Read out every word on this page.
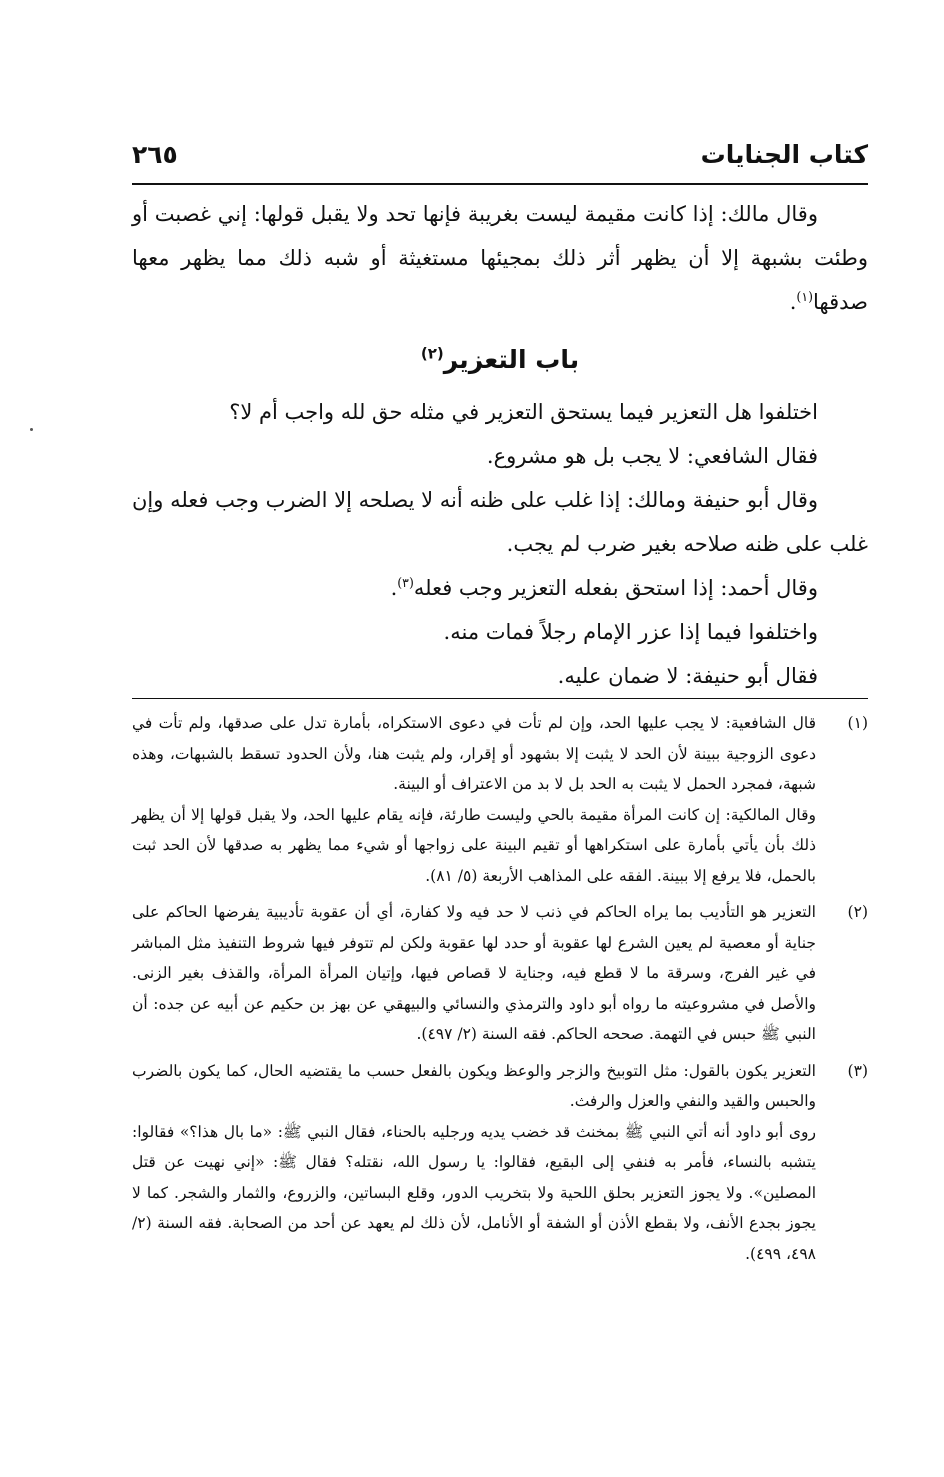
كتاب الجنايات
٢٦٥

وقال مالك: إذا كانت مقيمة ليست بغريبة فإنها تحد ولا يقبل قولها: إني غصبت أو وطئت بشبهة إلا أن يظهر أثر ذلك بمجيئها مستغيثة أو شبه ذلك مما يظهر معها صدقها$^{(١)}$.

باب التعزير$^{(٢)}$

اختلفوا هل التعزير فيما يستحق التعزير في مثله حق لله واجب أم لا؟

فقال الشافعي: لا يجب بل هو مشروع.

وقال أبو حنيفة ومالك: إذا غلب على ظنه أنه لا يصلحه إلا الضرب وجب فعله وإن غلب على ظنه صلاحه بغير ضرب لم يجب.

وقال أحمد: إذا استحق بفعله التعزير وجب فعله$^{(٣)}$.

واختلفوا فيما إذا عزر الإمام رجلاً فمات منه.

فقال أبو حنيفة: لا ضمان عليه.

(١)

قال الشافعية: لا يجب عليها الحد، وإن لم تأت في دعوى الاستكراه، بأمارة تدل على صدقها، ولم تأت في دعوى الزوجية ببينة لأن الحد لا يثبت إلا بشهود أو إقرار، ولم يثبت هنا، ولأن الحدود تسقط بالشبهات، وهذه شبهة، فمجرد الحمل لا يثبت به الحد بل لا بد من الاعتراف أو البينة.

وقال المالكية: إن كانت المرأة مقيمة بالحي وليست طارئة، فإنه يقام عليها الحد، ولا يقبل قولها إلا أن يظهر ذلك بأن يأتي بأمارة على استكراهها أو تقيم البينة على زواجها أو شيء مما يظهر به صدقها لأن الحد ثبت بالحمل، فلا يرفع إلا ببينة. الفقه على المذاهب الأربعة (٥/ ٨١).

(٢)

التعزير هو التأديب بما يراه الحاكم في ذنب لا حد فيه ولا كفارة، أي أن عقوبة تأديبية يفرضها الحاكم على جناية أو معصية لم يعين الشرع لها عقوبة أو حدد لها عقوبة ولكن لم تتوفر فيها شروط التنفيذ مثل المباشر في غير الفرج، وسرقة ما لا قطع فيه، وجناية لا قصاص فيها، وإتيان المرأة المرأة، والقذف بغير الزنى. والأصل في مشروعيته ما رواه أبو داود والترمذي والنسائي والبيهقي عن بهز بن حكيم عن أبيه عن جده: أن النبي ﷺ حبس في التهمة. صححه الحاكم. فقه السنة (٢/ ٤٩٧).

(٣)

التعزير يكون بالقول: مثل التوبيخ والزجر والوعظ ويكون بالفعل حسب ما يقتضيه الحال، كما يكون بالضرب والحبس والقيد والنفي والعزل والرفث.

روى أبو داود أنه أتي النبي ﷺ بمخنث قد خضب يديه ورجليه بالحناء، فقال النبي ﷺ: «ما بال هذا؟» فقالوا: يتشبه بالنساء، فأمر به فنفي إلى البقيع، فقالوا: يا رسول الله، نقتله؟ فقال ﷺ: «إني نهيت عن قتل المصلين». ولا يجوز التعزير بحلق اللحية ولا بتخريب الدور، وقلع البساتين، والزروع، والثمار والشجر. كما لا يجوز بجدع الأنف، ولا بقطع الأذن أو الشفة أو الأنامل، لأن ذلك لم يعهد عن أحد من الصحابة. فقه السنة (٢/ ٤٩٨، ٤٩٩).
